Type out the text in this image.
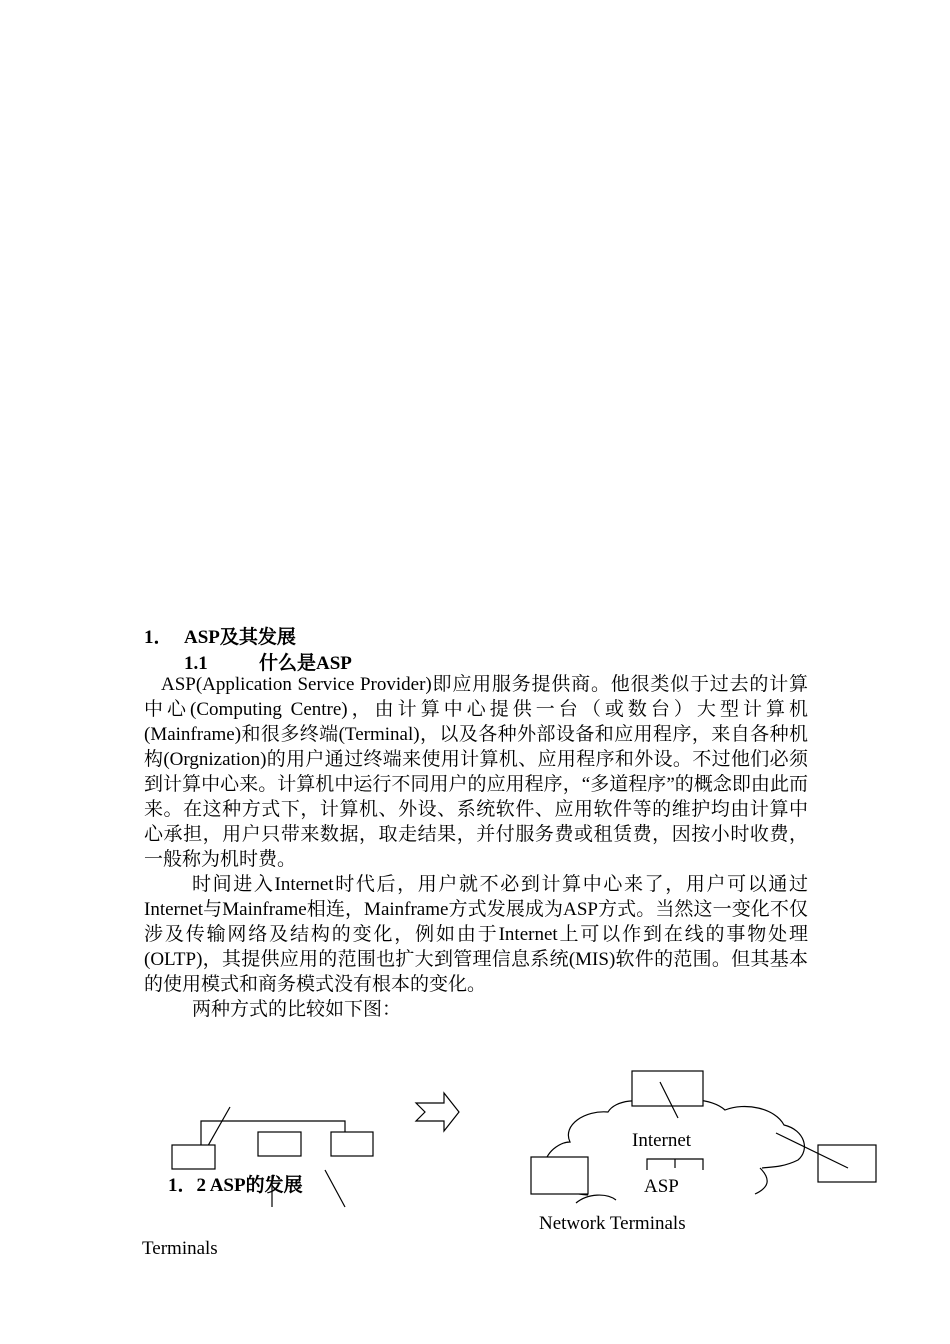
1． ASP及其发展
1.1	什么是ASP

ASP(Application Service Provider)即应用服务提供商。他很类似于过去的计算中心(Computing Centre)，由计算中心提供一台（或数台）大型计算机(Mainframe)和很多终端(Terminal)，以及各种外部设备和应用程序，来自各种机构(Orgnization)的用户通过终端来使用计算机、应用程序和外设。不过他们必须到计算中心来。计算机中运行不同用户的应用程序，“多道程序”的概念即由此而来。在这种方式下，计算机、外设、系统软件、应用软件等的维护均由计算中心承担，用户只带来数据，取走结果，并付服务费或租赁费，因按小时收费，一般称为机时费。

时间进入Internet时代后，用户就不必到计算中心来了，用户可以通过Internet与Mainframe相连，Mainframe方式发展成为ASP方式。当然这一变化不仅涉及传输网络及结构的变化，例如由于Internet上可以作到在线的事物处理(OLTP)，其提供应用的范围也扩大到管理信息系统(MIS)软件的范围。但其基本的使用模式和商务模式没有根本的变化。

两种方式的比较如下图：

Internet
ASP
Network Terminals
Terminals
1．2 ASP的发展
